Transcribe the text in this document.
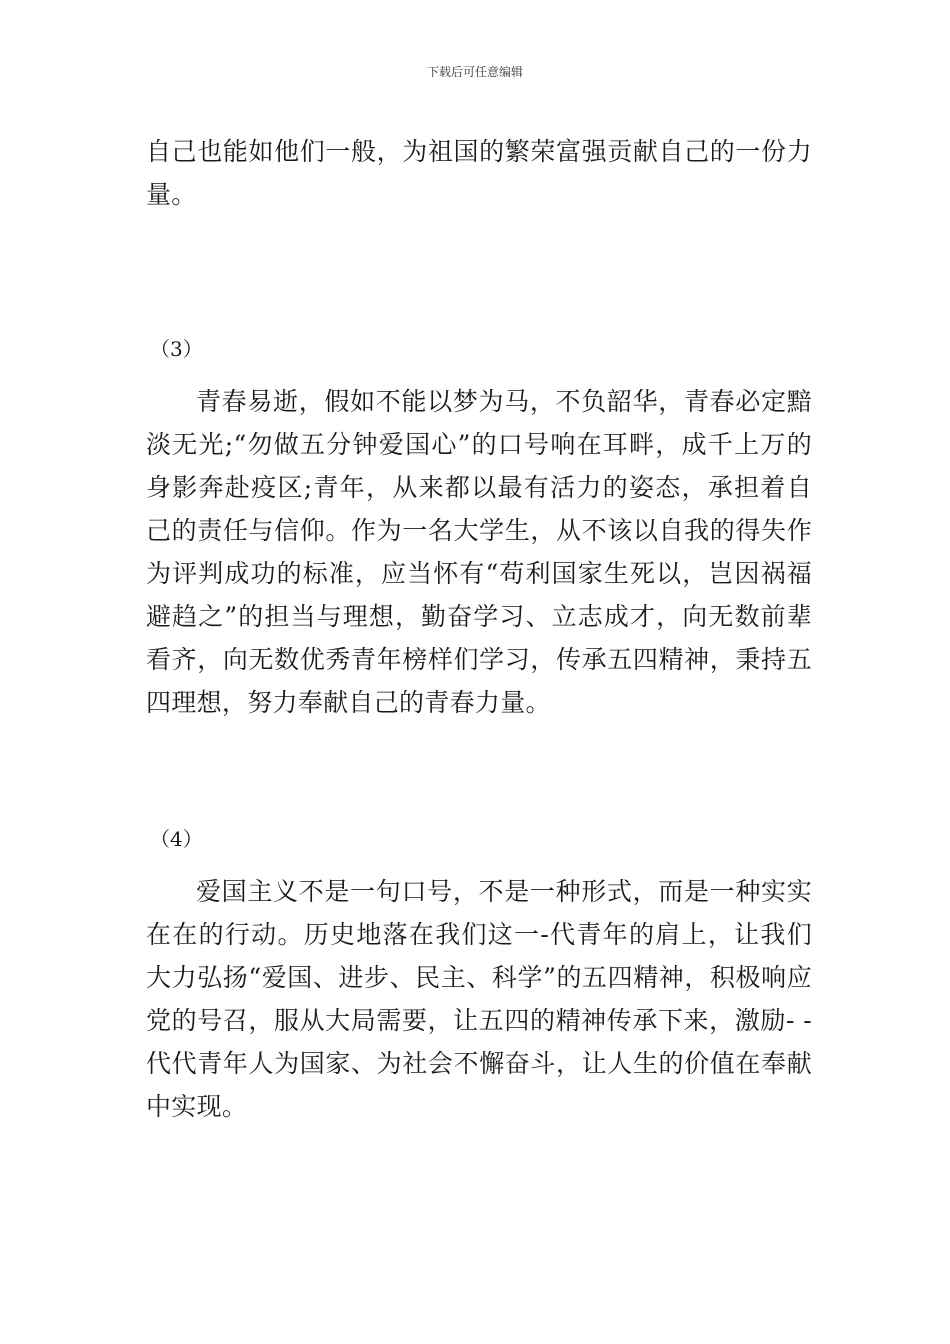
下载后可任意编辑

自己也能如他们一般，为祖国的繁荣富强贡献自己的一份力量。

（3）

青春易逝，假如不能以梦为马，不负韶华，青春必定黯淡无光;“勿做五分钟爱国心”的口号响在耳畔，成千上万的身影奔赴疫区;青年，从来都以最有活力的姿态，承担着自己的责任与信仰。作为一名大学生，从不该以自我的得失作为评判成功的标准，应当怀有“苟利国家生死以，岂因祸福避趋之”的担当与理想，勤奋学习、立志成才，向无数前辈看齐，向无数优秀青年榜样们学习，传承五四精神，秉持五四理想，努力奉献自己的青春力量。

（4）

爱国主义不是一句口号，不是一种形式，而是一种实实在在的行动。历史地落在我们这一-代青年的肩上，让我们大力弘扬“爱国、进步、民主、科学”的五四精神，积极响应党的号召，服从大局需要，让五四的精神传承下来，激励- -代代青年人为国家、为社会不懈奋斗，让人生的价值在奉献中实现。
